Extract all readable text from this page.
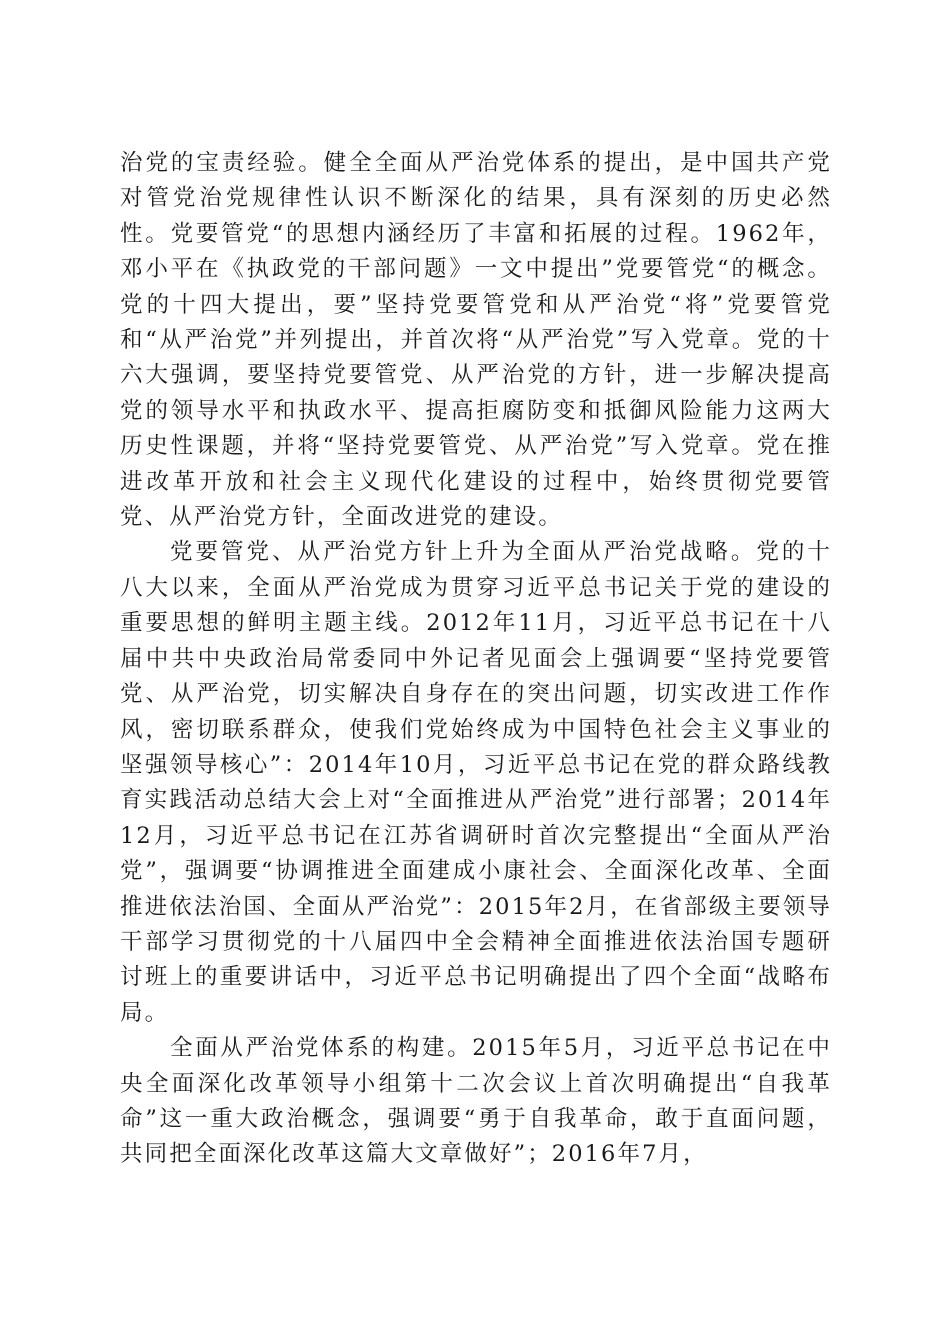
治党的宝责经验。健全全面从严治党体系的提出，是中国共产党对管党治党规律性认识不断深化的结果，具有深刻的历史必然性。党要管党“的思想内涵经历了丰富和拓展的过程。1962年，邓小平在《执政党的干部问题》一文中提出”党要管党“的概念。党的十四大提出，要”坚持党要管党和从严治党“将”党要管党和“从严治党”并列提出，并首次将“从严治党”写入党章。党的十六大强调，要坚持党要管党、从严治党的方针，进一步解决提高党的领导水平和执政水平、提高拒腐防变和抵御风险能力这两大历史性课题，并将“坚持党要管党、从严治党”写入党章。党在推进改革开放和社会主义现代化建设的过程中，始终贯彻党要管党、从严治党方针，全面改进党的建设。

党要管党、从严治党方针上升为全面从严治党战略。党的十八大以来，全面从严治党成为贯穿习近平总书记关于党的建设的重要思想的鲜明主题主线。2012年11月，习近平总书记在十八届中共中央政治局常委同中外记者见面会上强调要“坚持党要管党、从严治党，切实解决自身存在的突出问题，切实改进工作作风，密切联系群众，使我们党始终成为中国特色社会主义事业的坚强领导核心”：2014年10月，习近平总书记在党的群众路线教育实践活动总结大会上对“全面推进从严治党”进行部署；2014年12月，习近平总书记在江苏省调研时首次完整提出“全面从严治党”，强调要“协调推进全面建成小康社会、全面深化改革、全面推进依法治国、全面从严治党”：2015年2月，在省部级主要领导干部学习贯彻党的十八届四中全会精神全面推进依法治国专题研讨班上的重要讲话中，习近平总书记明确提出了四个全面“战略布局。

全面从严治党体系的构建。2015年5月，习近平总书记在中央全面深化改革领导小组第十二次会议上首次明确提出“自我革命”这一重大政治概念，强调要“勇于自我革命，敢于直面问题，共同把全面深化改革这篇大文章做好”；2016年7月，
